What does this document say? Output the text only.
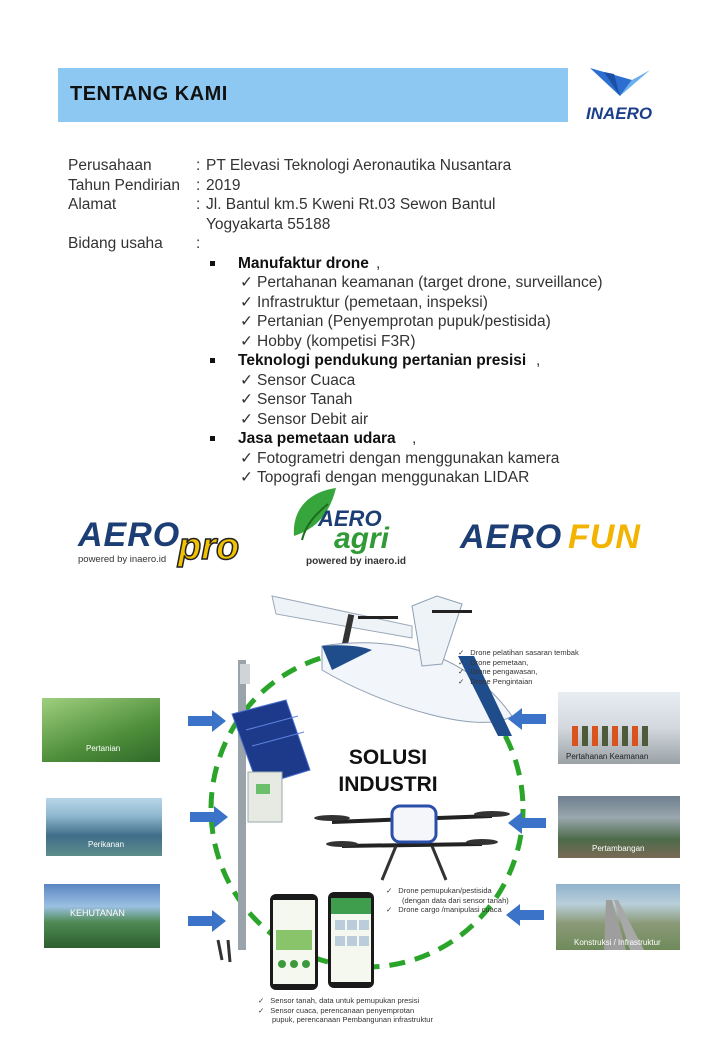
TENTANG KAMI
INAERO
Perusahaan	: PT Elevasi Teknologi Aeronautika Nusantara
Tahun Pendirian : 2019
Alamat	: Jl. Bantul km.5 Kweni Rt.03 Sewon Bantul
Yogyakarta 55188
Bidang usaha :
Manufaktur drone ,
✓ Pertahanan keamanan (target drone, surveillance)
✓ Infrastruktur (pemetaan, inspeksi)
✓ Pertanian (Penyemprotan pupuk/pestisida)
✓ Hobby (kompetisi F3R)
Teknologi pendukung pertanian presisi ,
✓ Sensor Cuaca
✓ Sensor Tanah
✓ Sensor Debit air
Jasa pemetaan udara ,
✓ Fotogrametri dengan menggunakan kamera
✓ Topografi dengan menggunakan LIDAR
AERO
pro
powered by inaero.id
AERO
agri
powered by inaero.id
AERO FUN
SOLUSI
INDUSTRI
Pertanian
Perikanan
KEHUTANAN
Pertahanan Keamanan
Pertambangan
Konstruksi / Infrastruktur
✓ Drone pelatihan sasaran tembak
✓ Drone pemetaan,
✓ Drone pengawasan,
✓ Drone Pengintaian
✓ Drone pemupukan/pestisida
(dengan data dari sensor tanah)
✓ Drone cargo /manipulasi cuaca
✓ Sensor tanah, data untuk pemupukan presisi
✓ Sensor cuaca, perencanaan penyemprotan
pupuk, perencanaan Pembangunan infrastruktur
